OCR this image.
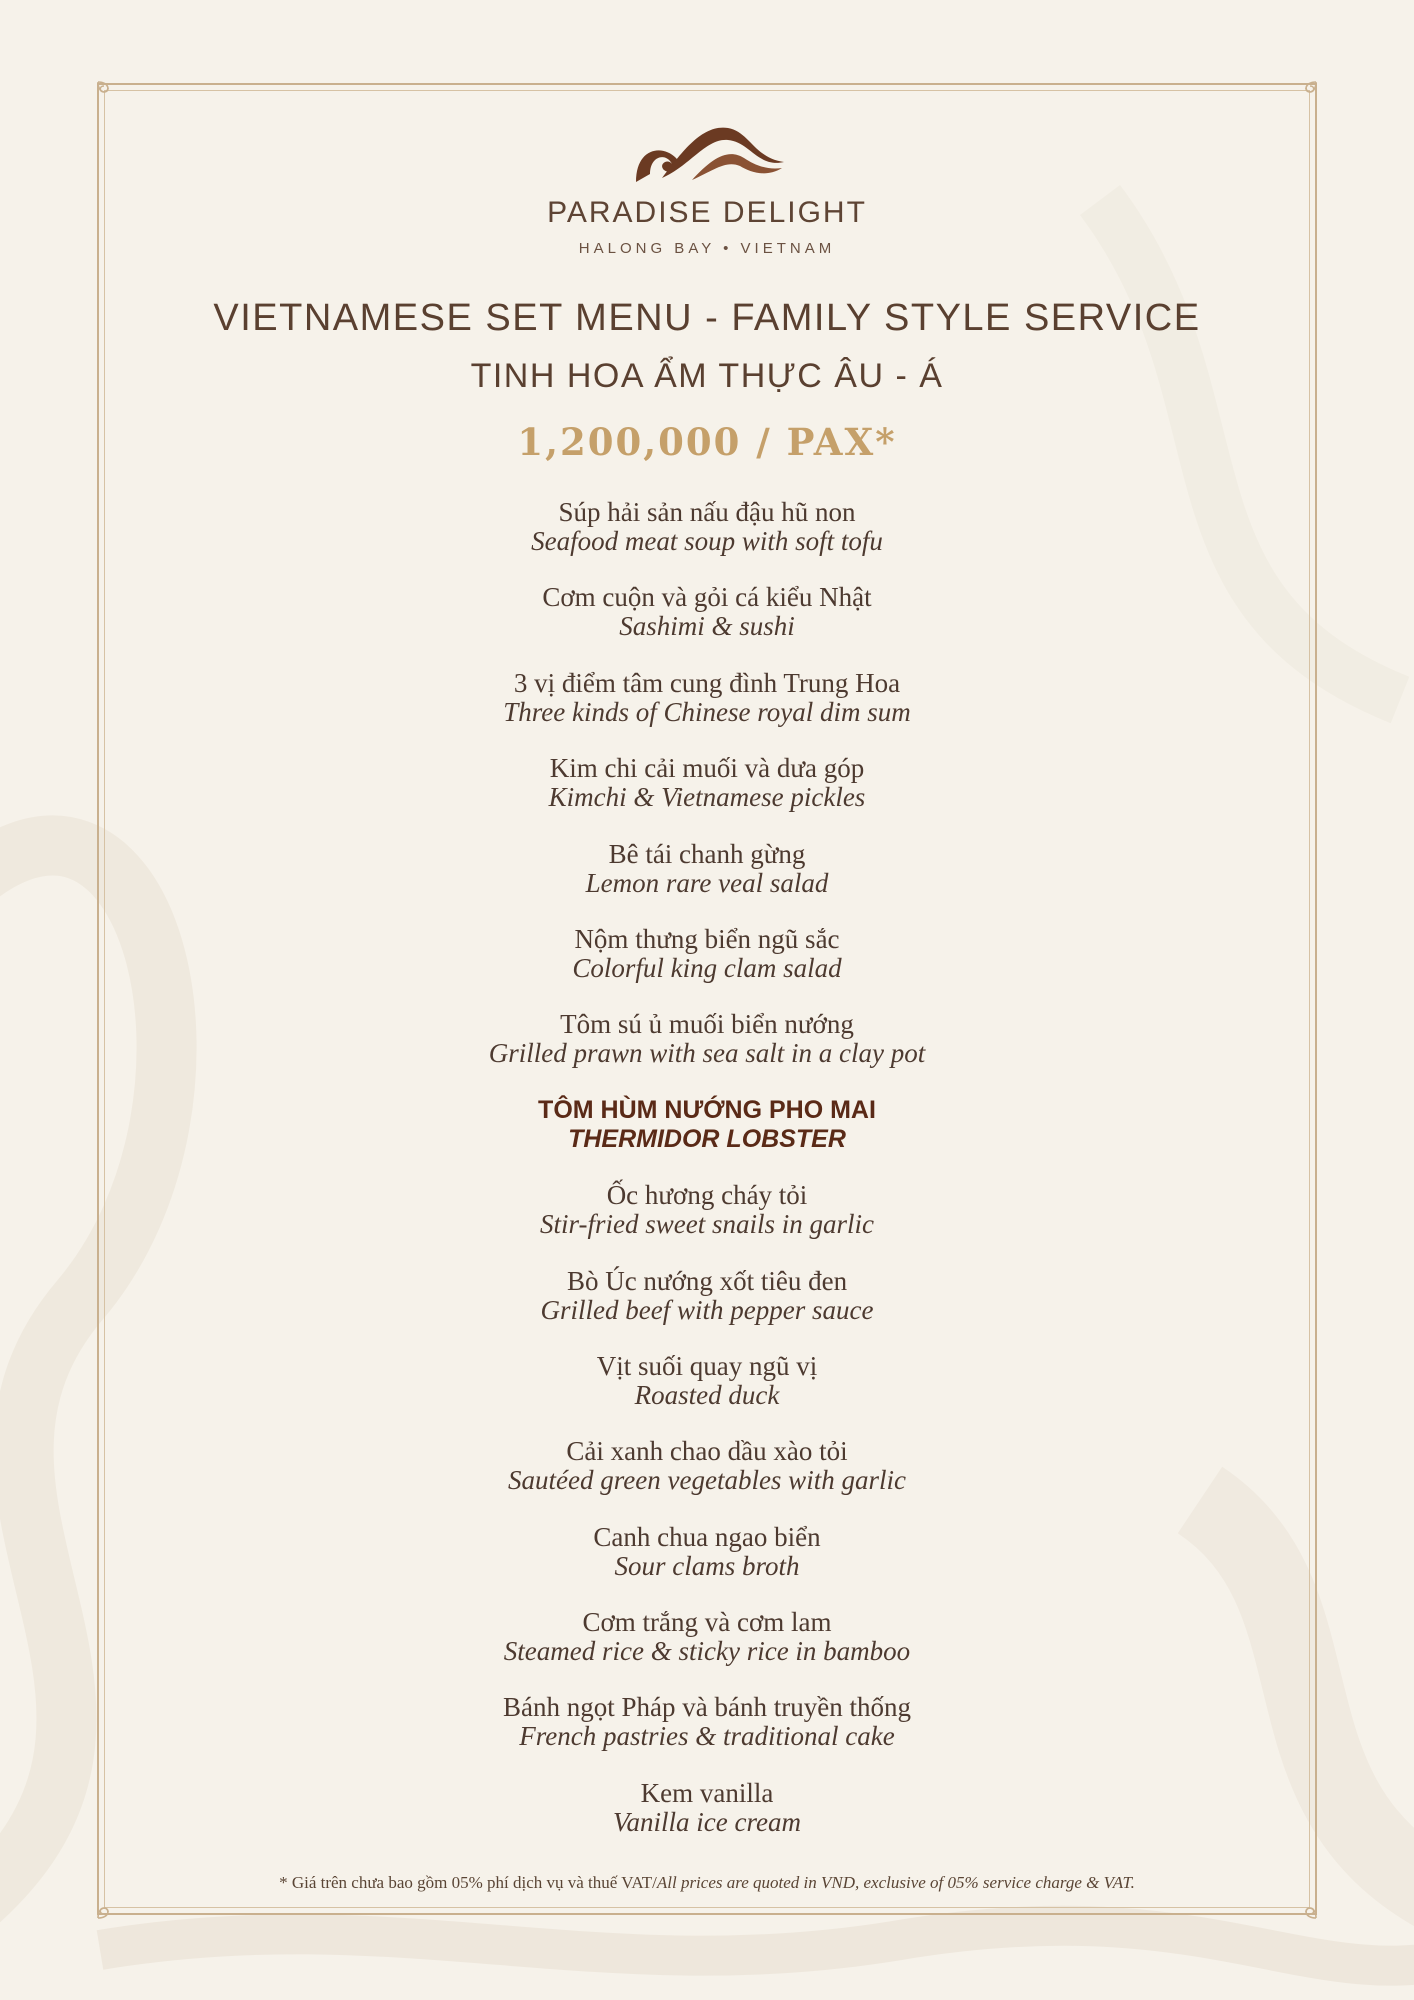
PARADISE DELIGHT
HALONG BAY • VIETNAM
VIETNAMESE SET MENU - FAMILY STYLE SERVICE
TINH HOA ẨM THỰC ÂU - Á
1,200,000 / PAX*
Súp hải sản nấu đậu hũ non
Seafood meat soup with soft tofu
Cơm cuộn và gỏi cá kiểu Nhật
Sashimi & sushi
3 vị điểm tâm cung đình Trung Hoa
Three kinds of Chinese royal dim sum
Kim chi cải muối và dưa góp
Kimchi & Vietnamese pickles
Bê tái chanh gừng
Lemon rare veal salad
Nộm thưng biển ngũ sắc
Colorful king clam salad
Tôm sú ủ muối biển nướng
Grilled prawn with sea salt in a clay pot
TÔM HÙM NƯỚNG PHO MAI
THERMIDOR LOBSTER
Ốc hương cháy tỏi
Stir-fried sweet snails in garlic
Bò Úc nướng xốt tiêu đen
Grilled beef with pepper sauce
Vịt suối quay ngũ vị
Roasted duck
Cải xanh chao dầu xào tỏi
Sautéed green vegetables with garlic
Canh chua ngao biển
Sour clams broth
Cơm trắng và cơm lam
Steamed rice & sticky rice in bamboo
Bánh ngọt Pháp và bánh truyền thống
French pastries & traditional cake
Kem vanilla
Vanilla ice cream
* Giá trên chưa bao gồm 05% phí dịch vụ và thuế VAT/All prices are quoted in VND, exclusive of 05% service charge & VAT.
